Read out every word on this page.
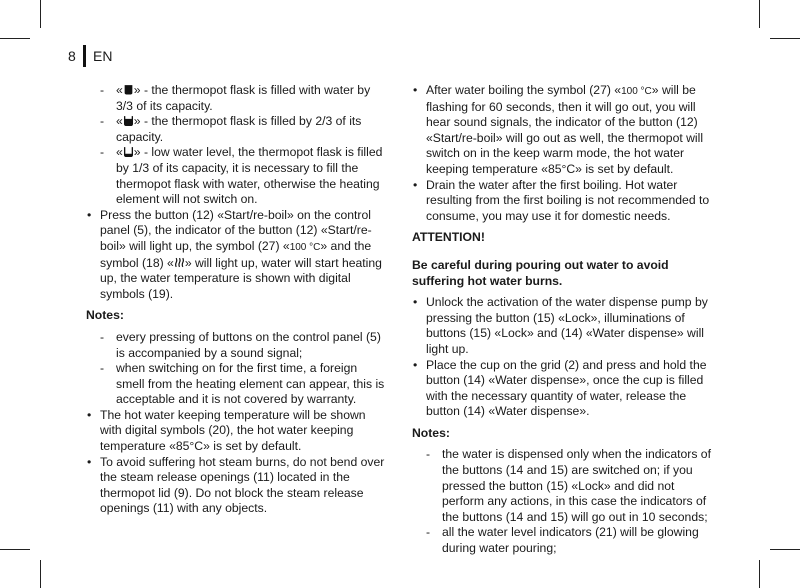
8 EN
- « » - the thermopot flask is filled with water by 3/3 of its capacity.
- « » - the thermopot flask is filled by 2/3 of its capacity.
- « » - low water level, the thermopot flask is filled by 1/3 of its capacity, it is necessary to fill the thermopot flask with water, otherwise the heating element will not switch on.
• Press the button (12) «Start/re-boil» on the control panel (5), the indicator of the button (12) «Start/re-boil» will light up, the symbol (27) «100 °C» and the symbol (18) « » will light up, water will start heating up, the water temperature is shown with digital symbols (19).
Notes:
- every pressing of buttons on the control panel (5) is accompanied by a sound signal;
- when switching on for the first time, a foreign smell from the heating element can appear, this is acceptable and it is not covered by warranty.
• The hot water keeping temperature will be shown with digital symbols (20), the hot water keeping temperature «85°C» is set by default.
• To avoid suffering hot steam burns, do not bend over the steam release openings (11) located in the thermopot lid (9). Do not block the steam release openings (11) with any objects.
• After water boiling the symbol (27) «100 °C» will be flashing for 60 seconds, then it will go out, you will hear sound signals, the indicator of the button (12) «Start/re-boil» will go out as well, the thermopot will switch on in the keep warm mode, the hot water keeping temperature «85°C» is set by default.
• Drain the water after the first boiling. Hot water resulting from the first boiling is not recommended to consume, you may use it for domestic needs.
ATTENTION!
Be careful during pouring out water to avoid suffering hot water burns.
• Unlock the activation of the water dispense pump by pressing the button (15) «Lock», illuminations of buttons (15) «Lock» and (14) «Water dispense» will light up.
• Place the cup on the grid (2) and press and hold the button (14) «Water dispense», once the cup is filled with the necessary quantity of water, release the button (14) «Water dispense».
Notes:
- the water is dispensed only when the indicators of the buttons (14 and 15) are switched on; if you pressed the button (15) «Lock» and did not perform any actions, in this case the indicators of the buttons (14 and 15) will go out in 10 seconds;
- all the water level indicators (21) will be glowing during water pouring;
